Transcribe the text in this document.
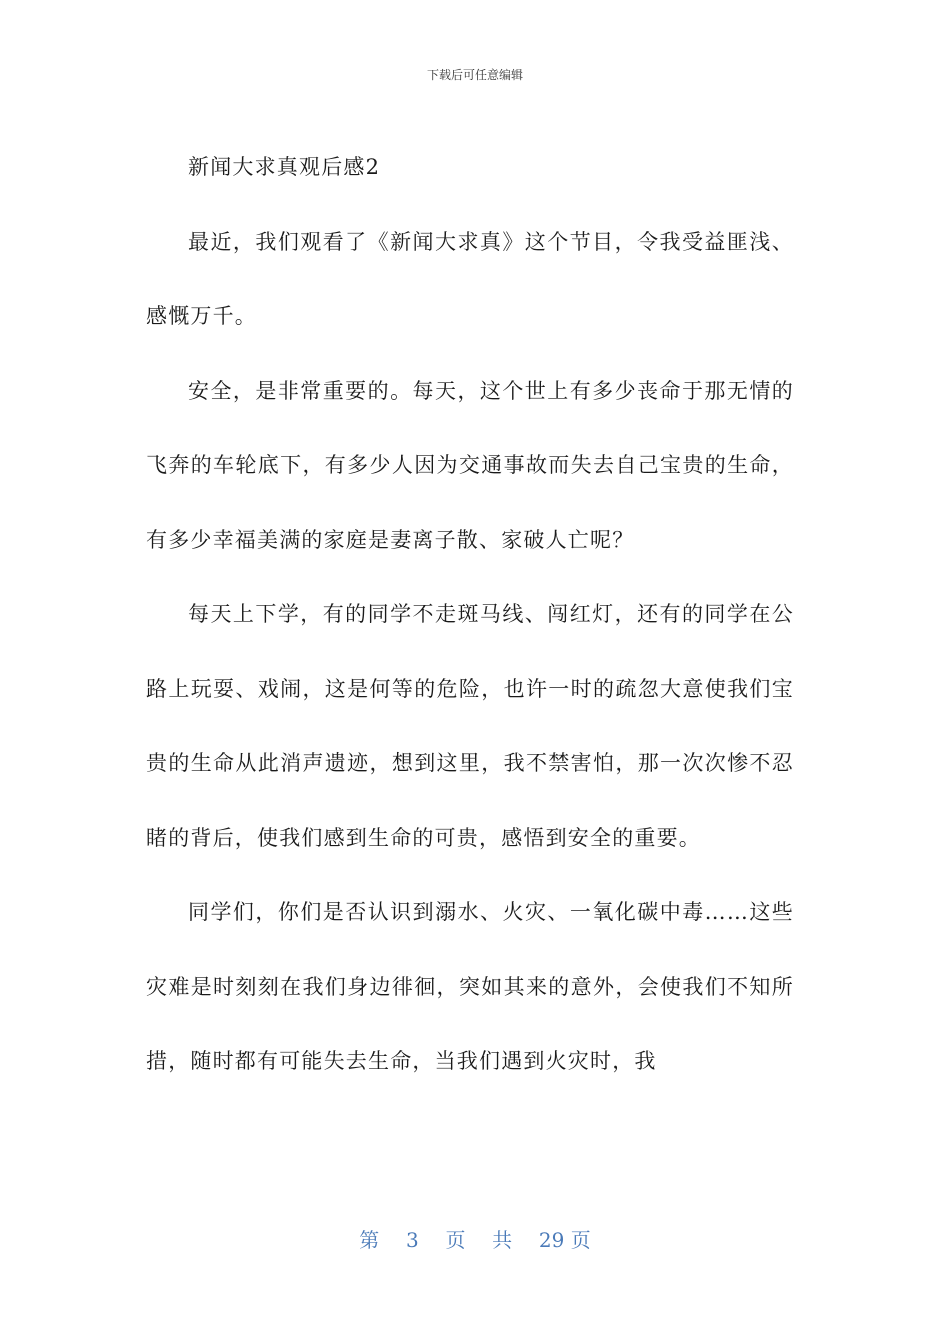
下载后可任意编辑

新闻大求真观后感2

最近，我们观看了《新闻大求真》这个节目，令我受益匪浅、感慨万千。

安全，是非常重要的。每天，这个世上有多少丧命于那无情的飞奔的车轮底下，有多少人因为交通事故而失去自己宝贵的生命，有多少幸福美满的家庭是妻离子散、家破人亡呢？

每天上下学，有的同学不走斑马线、闯红灯，还有的同学在公路上玩耍、戏闹，这是何等的危险，也许一时的疏忽大意使我们宝贵的生命从此消声遗迹，想到这里，我不禁害怕，那一次次惨不忍睹的背后，使我们感到生命的可贵，感悟到安全的重要。

同学们，你们是否认识到溺水、火灾、一氧化碳中毒……这些灾难是时刻刻在我们身边徘徊，突如其来的意外，会使我们不知所措，随时都有可能失去生命，当我们遇到火灾时，我

第 3 页 共 29 页
